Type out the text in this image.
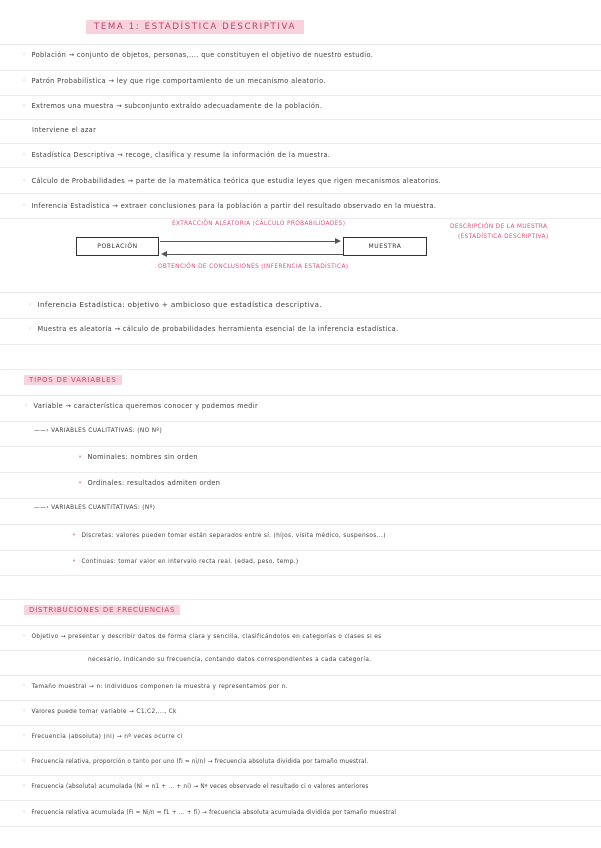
TEMA 1: ESTADÍSTICA DESCRIPTIVA
◦ Población → conjunto de objetos, personas,.... que constituyen el objetivo de nuestro estudio.
◦ Patrón Probabilística → ley que rige comportamiento de un mecanismo aleatorio.
◦ Extremos una muestra → subconjunto extraído adecuadamente de la población.
Interviene el azar
◦ Estadística Descriptiva → recoge, clasifica y resume la información de la muestra.
◦ Cálculo de Probabilidades → parte de la matemática teórica que estudia leyes que rigen mecanismos aleatorios.
◦ Inferencia Estadística → extraer conclusiones para la población a partir del resultado observado en la muestra.
EXTRACCIÓN ALEATORIA (CÁLCULO PROBABILIDADES)	DESCRIPCIÓN DE LA MUESTRA
(ESTADÍSTICA DESCRIPTIVA)
POBLACIÓN	MUESTRA
OBTENCIÓN DE CONCLUSIONES (INFERENCIA ESTADÍSTICA)
◦ Inferencia Estadística: objetivo + ambicioso que estadística descriptiva.
◦ Muestra es aleatoria → cálculo de probabilidades herramienta esencial de la inferencia estadística.
TIPOS DE VARIABLES
◦ Variable → característica queremos conocer y podemos medir
——› VARIABLES CUALITATIVAS: (NO Nº)
• Nominales: nombres sin orden
• Ordinales: resultados admiten orden
——› VARIABLES CUANTITATIVAS: (Nº)
• Discretas: valores pueden tomar están separados entre sí. (hijos, visita médico, suspensos...)
• Continuas: tomar valor en intervalo recta real. (edad, peso, temp.)
DISTRIBUCIONES DE FRECUENCIAS
◦ Objetivo → presentar y describir datos de forma clara y sencilla, clasificándolos en categorías o clases si es
necesario, indicando su frecuencia, contando datos correspondientes a cada categoría.
◦ Tamaño muestral → n: individuos componen la muestra y representamos por n.
◦ Valores puede tomar variable → C1,C2,..., Ck
◦ Frecuencia (absoluta) (ni) → nº veces ocurre ci
◦ Frecuencia relativa, proporción o tanto por uno (fi = ni/n) → frecuencia absoluta dividida por tamaño muestral.
◦ Frecuencia (absoluta) acumulada (Ni = n1 + ... + ni) → Nº veces observado el resultado ci o valores anteriores
◦ Frecuencia relativa acumulada (Fi = Ni/n = f1 + ... + fi) → frecuencia absoluta acumulada dividida por tamaño muestral
